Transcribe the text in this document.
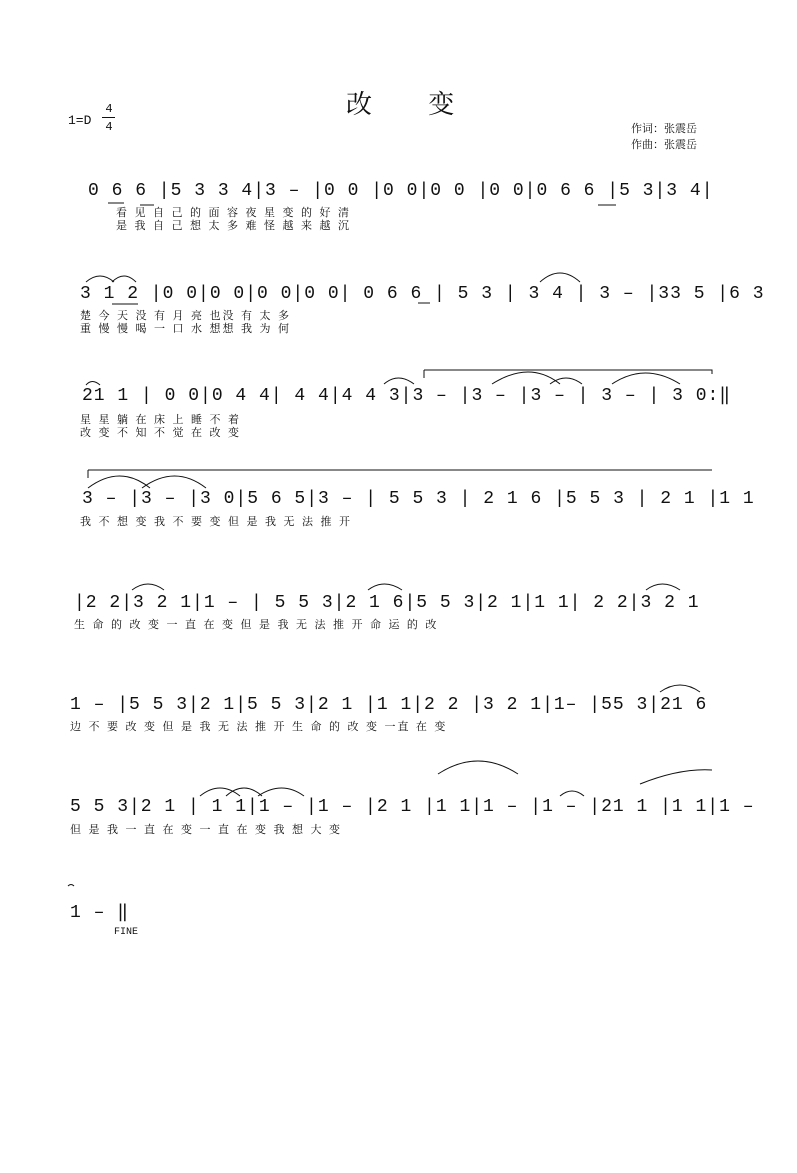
改 变
1=D
4
4	作词：张震岳
作曲：张震岳
0 6 6 |5 3 3 4|3 – |0 0 |0 0|0 0 |0 0|0 6 6 |5 3|3 4|
看 见 自 己 的 面 容 夜 星 变 的 好 清
是 我 自 己 想 太 多 难 怪 越 来 越 沉
3 1 2 |0 0|0 0|0 0|0 0| 0 6 6 | 5 3 | 3 4 | 3 – |33 5 |6 3
楚 今 天 没 有 月 亮 也没 有 太 多
重 慢 慢 喝 一 口 水 想想 我 为 何
21 1 | 0 0|0 4 4| 4 4|4 4 3|3 – |3 – |3 – | 3 – | 3 0:‖
星 星 躺 在 床 上 睡 不 着
改 变 不 知 不 觉 在 改 变
3 – |3 – |3 0|5 6 5|3 – | 5 5 3 | 2 1 6 |5 5 3 | 2 1 |1 1
我 不 想 变 我 不 要 变 但 是 我 无 法 推 开
|2 2|3 2 1|1 – | 5 5 3|2 1 6|5 5 3|2 1|1 1| 2 2|3 2 1
生 命 的 改 变 一 直 在 变 但 是 我 无 法 推 开 命 运 的 改
1 – |5 5 3|2 1|5 5 3|2 1 |1 1|2 2 |3 2 1|1– |55 3|21 6
边 不 要 改 变 但 是 我 无 法 推 开 生 命 的 改 变 一直 在 变
5 5 3|2 1 | 1 1|1 – |1 – |2 1 |1 1|1 – |1 – |21 1 |1 1|1 –
但 是 我 一 直 在 变 一 直 在 变 我 想 大 变
1 – ‖
FINE
